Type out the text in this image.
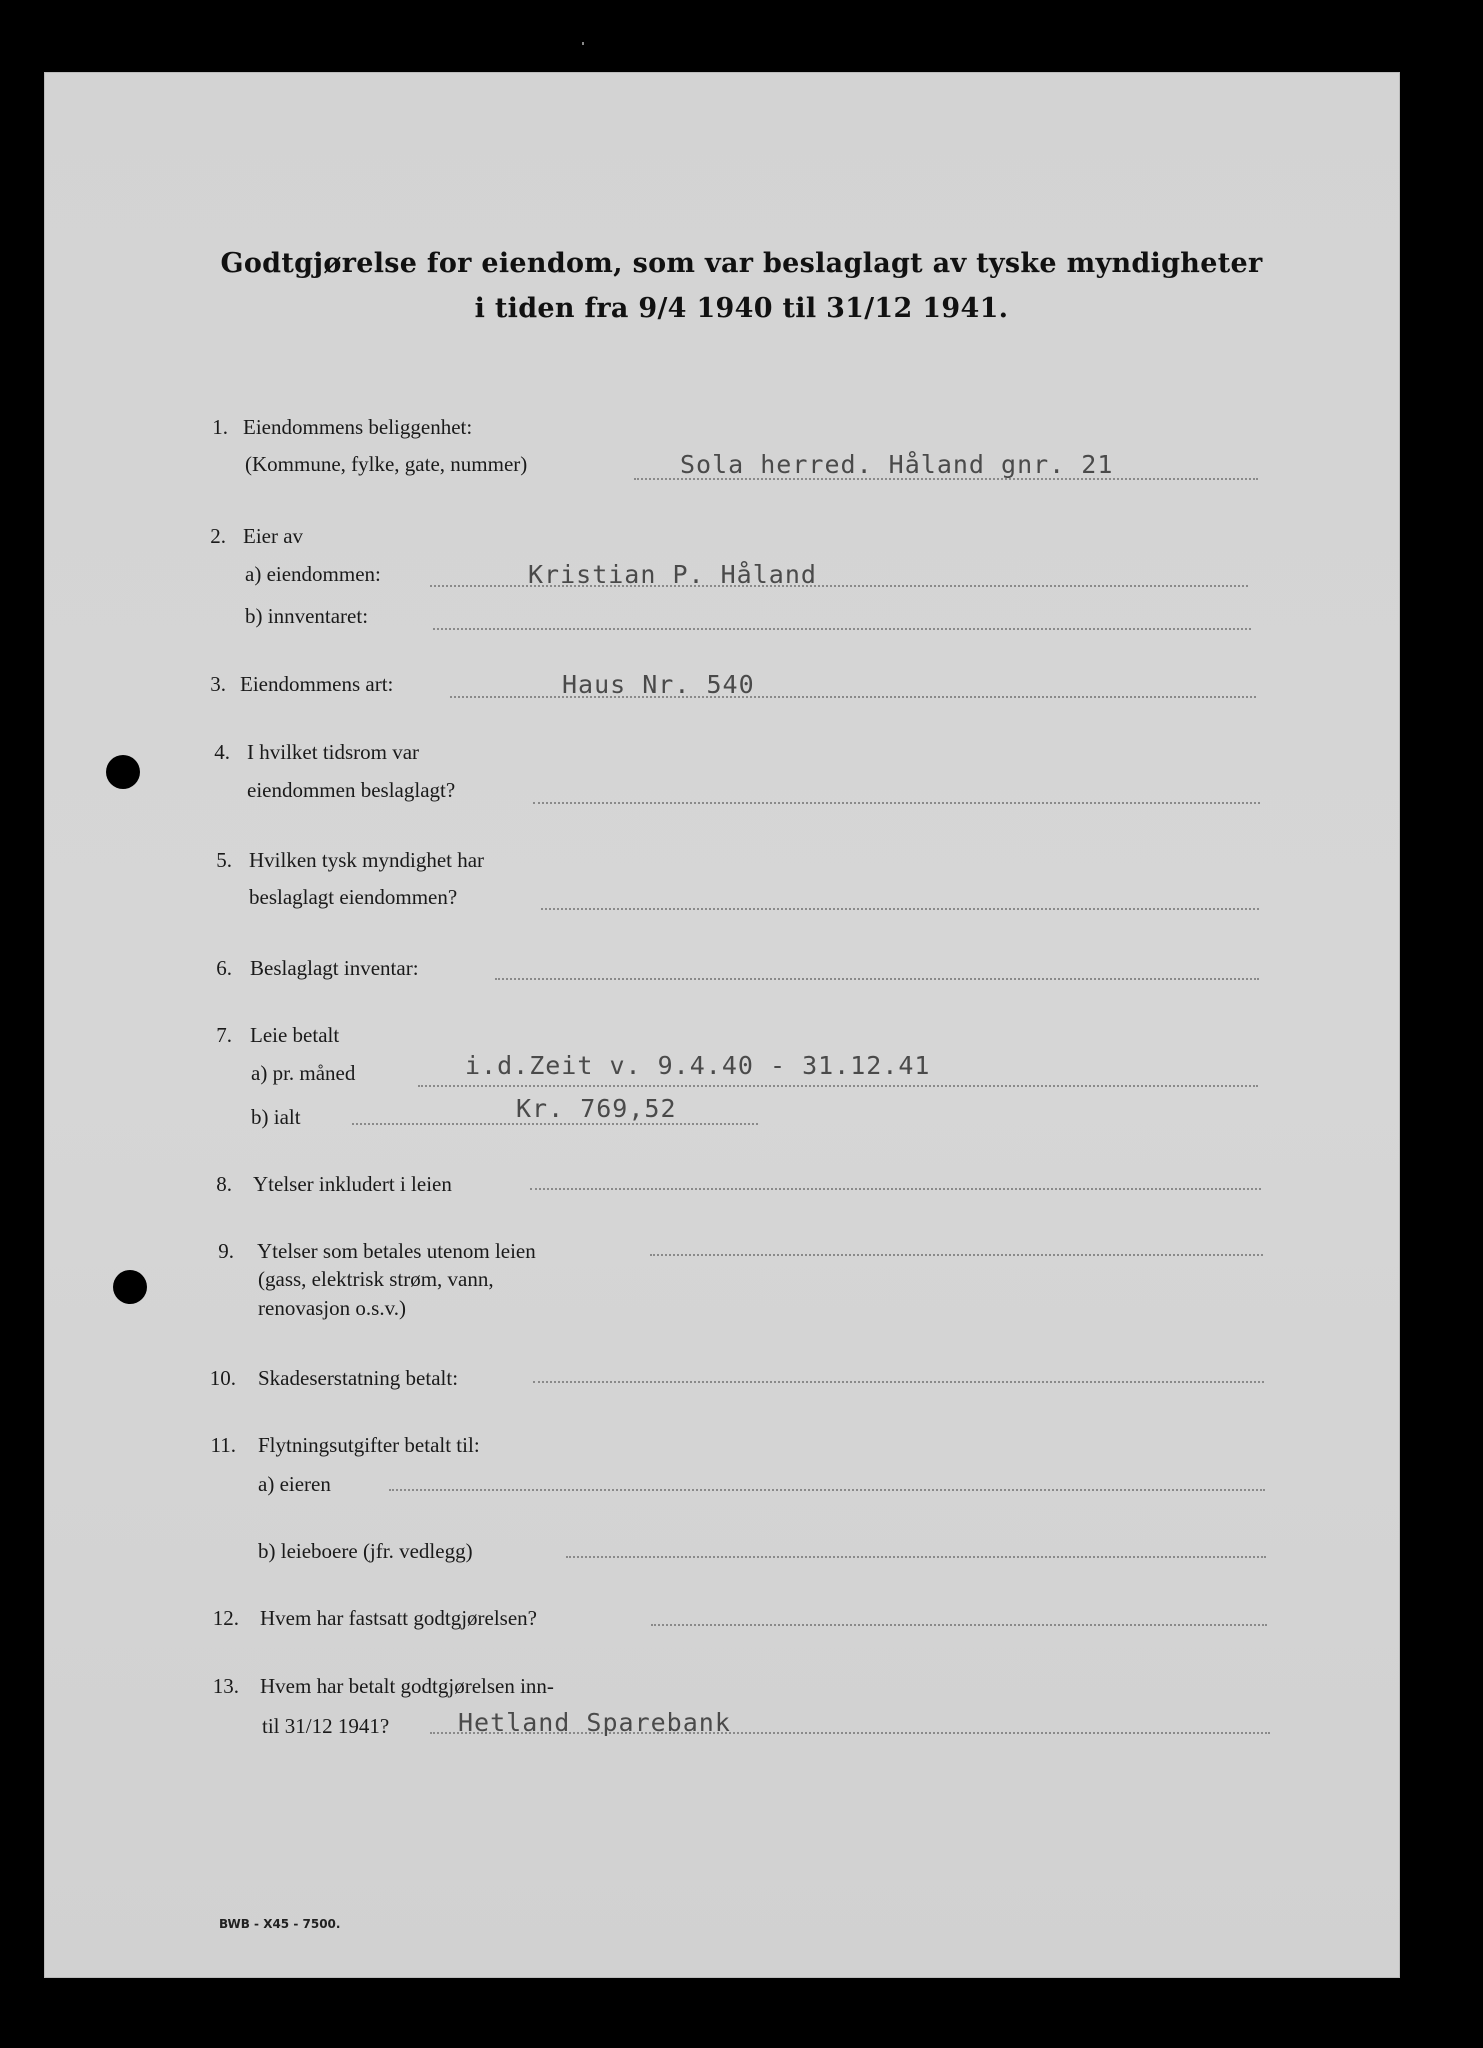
Godtgjørelse for eiendom, som var beslaglagt av tyske myndigheter
i tiden fra 9/4 1940 til 31/12 1941.
1. Eiendommens beliggenhet:
(Kommune, fylke, gate, nummer)	Sola herred. Håland gnr. 21
2. Eier av
a) eiendommen:	Kristian P. Håland
b) innventaret:
3. Eiendommens art:	Haus Nr. 540
4. I hvilket tidsrom var
eiendommen beslaglagt?
5. Hvilken tysk myndighet har
beslaglagt eiendommen?
6. Beslaglagt inventar:
7. Leie betalt
a) pr. måned	i.d.Zeit v. 9.4.40 - 31.12.41
b) ialt	Kr. 769,52
8. Ytelser inkludert i leien
9. Ytelser som betales utenom leien
(gass, elektrisk strøm, vann,
renovasjon o.s.v.)
10. Skadeserstatning betalt:
11. Flytningsutgifter betalt til:
a) eieren
b) leieboere (jfr. vedlegg)
12. Hvem har fastsatt godtgjørelsen?
13. Hvem har betalt godtgjørelsen inn-
til 31/12 1941?	Hetland Sparebank
BWB - X45 - 7500.
